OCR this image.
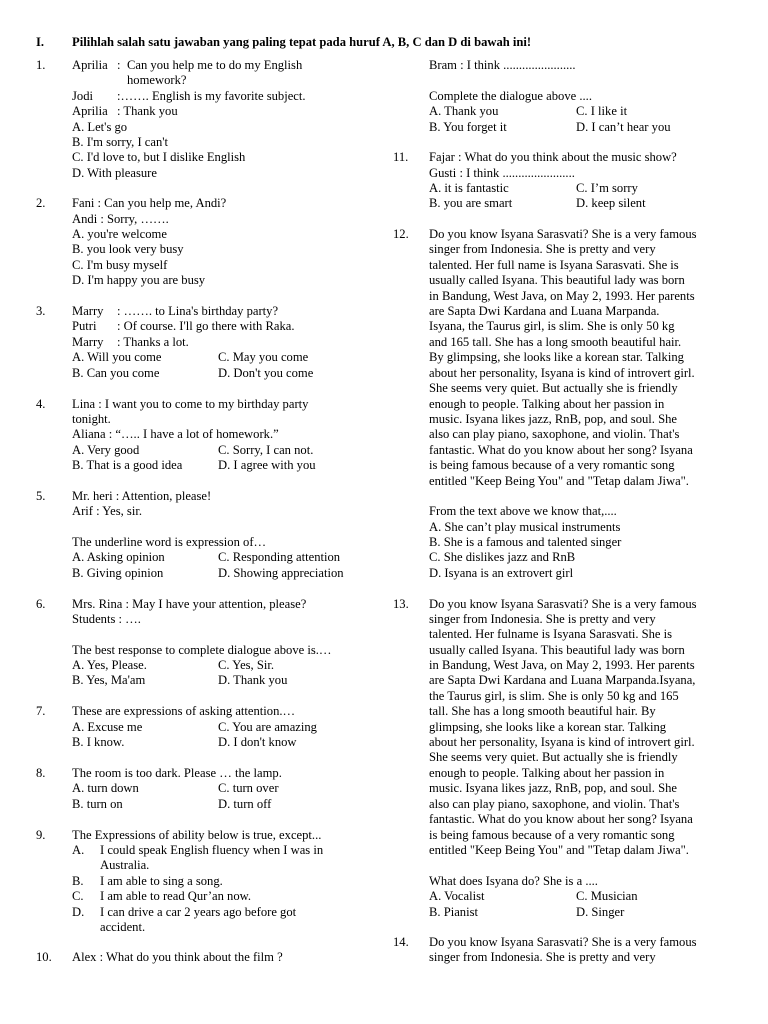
I. Pilihlah salah satu jawaban yang paling tepat pada huruf A, B, C dan D di bawah ini!
1. Aprilia : Can you help me to do my English
homework?
Jodi :……. English is my favorite subject.
Aprilia : Thank you
A. Let's go
B. I'm sorry, I can't
C. I'd love to, but I dislike English
D. With pleasure
2. Fani : Can you help me, Andi?
Andi : Sorry, …….
A. you're welcome
B. you look very busy
C. I'm busy myself
D. I'm happy you are busy
3. Marry : ……. to Lina's birthday party?
Putri : Of course. I'll go there with Raka.
Marry : Thanks a lot.
A. Will you come	C. May you come
B. Can you come	D. Don't you come
4. Lina : I want you to come to my birthday party
tonight.
Aliana : “….. I have a lot of homework.”
A. Very good	C. Sorry, I can not.
B. That is a good idea	D. I agree with you
5. Mr. heri : Attention, please!
Arif : Yes, sir.
The underline word is expression of…
A. Asking opinion	C. Responding attention
B. Giving opinion	D. Showing appreciation
6. Mrs. Rina : May I have your attention, please?
Students : ….
The best response to complete dialogue above is.…
A. Yes, Please.	C. Yes, Sir.
B. Yes, Ma'am	D. Thank you
7. These are expressions of asking attention.…
A. Excuse me	C. You are amazing
B. I know.	D. I don't know
8. The room is too dark. Please … the lamp.
A. turn down	C. turn over
B. turn on	D. turn off
9. The Expressions of ability below is true, except...
A. I could speak English fluency when I was in
Australia.
B. I am able to sing a song.
C. I am able to read Qur’an now.
D. I can drive a car 2 years ago before got
accident.
10. Alex : What do you think about the film ?
Bram : I think .......................
Complete the dialogue above ....
A. Thank you	C. I like it
B. You forget it	D. I can’t hear you
11. Fajar : What do you think about the music show?
Gusti : I think .......................
A. it is fantastic	C. I’m sorry
B. you are smart	D. keep silent
12. Do you know Isyana Sarasvati? She is a very famous
singer from Indonesia. She is pretty and very
talented. Her full name is Isyana Sarasvati. She is
usually called Isyana. This beautiful lady was born
in Bandung, West Java, on May 2, 1993. Her parents
are Sapta Dwi Kardana and Luana Marpanda.
Isyana, the Taurus girl, is slim. She is only 50 kg
and 165 tall. She has a long smooth beautiful hair.
By glimpsing, she looks like a korean star. Talking
about her personality, Isyana is kind of introvert girl.
She seems very quiet. But actually she is friendly
enough to people. Talking about her passion in
music. Isyana likes jazz, RnB, pop, and soul. She
also can play piano, saxophone, and violin. That's
fantastic. What do you know about her song? Isyana
is being famous because of a very romantic song
entitled "Keep Being You" and "Tetap dalam Jiwa".
From the text above we know that,....
A. She can’t play musical instruments
B. She is a famous and talented singer
C. She dislikes jazz and RnB
D. Isyana is an extrovert girl
13. Do you know Isyana Sarasvati? She is a very famous
singer from Indonesia. She is pretty and very
talented. Her fulname is Isyana Sarasvati. She is
usually called Isyana. This beautiful lady was born
in Bandung, West Java, on May 2, 1993. Her parents
are Sapta Dwi Kardana and Luana Marpanda.Isyana,
the Taurus girl, is slim. She is only 50 kg and 165
tall. She has a long smooth beautiful hair. By
glimpsing, she looks like a korean star. Talking
about her personality, Isyana is kind of introvert girl.
She seems very quiet. But actually she is friendly
enough to people. Talking about her passion in
music. Isyana likes jazz, RnB, pop, and soul. She
also can play piano, saxophone, and violin. That's
fantastic. What do you know about her song? Isyana
is being famous because of a very romantic song
entitled "Keep Being You" and "Tetap dalam Jiwa".
What does Isyana do? She is a ....
A. Vocalist	C. Musician
B. Pianist	D. Singer
14. Do you know Isyana Sarasvati? She is a very famous
singer from Indonesia. She is pretty and very
